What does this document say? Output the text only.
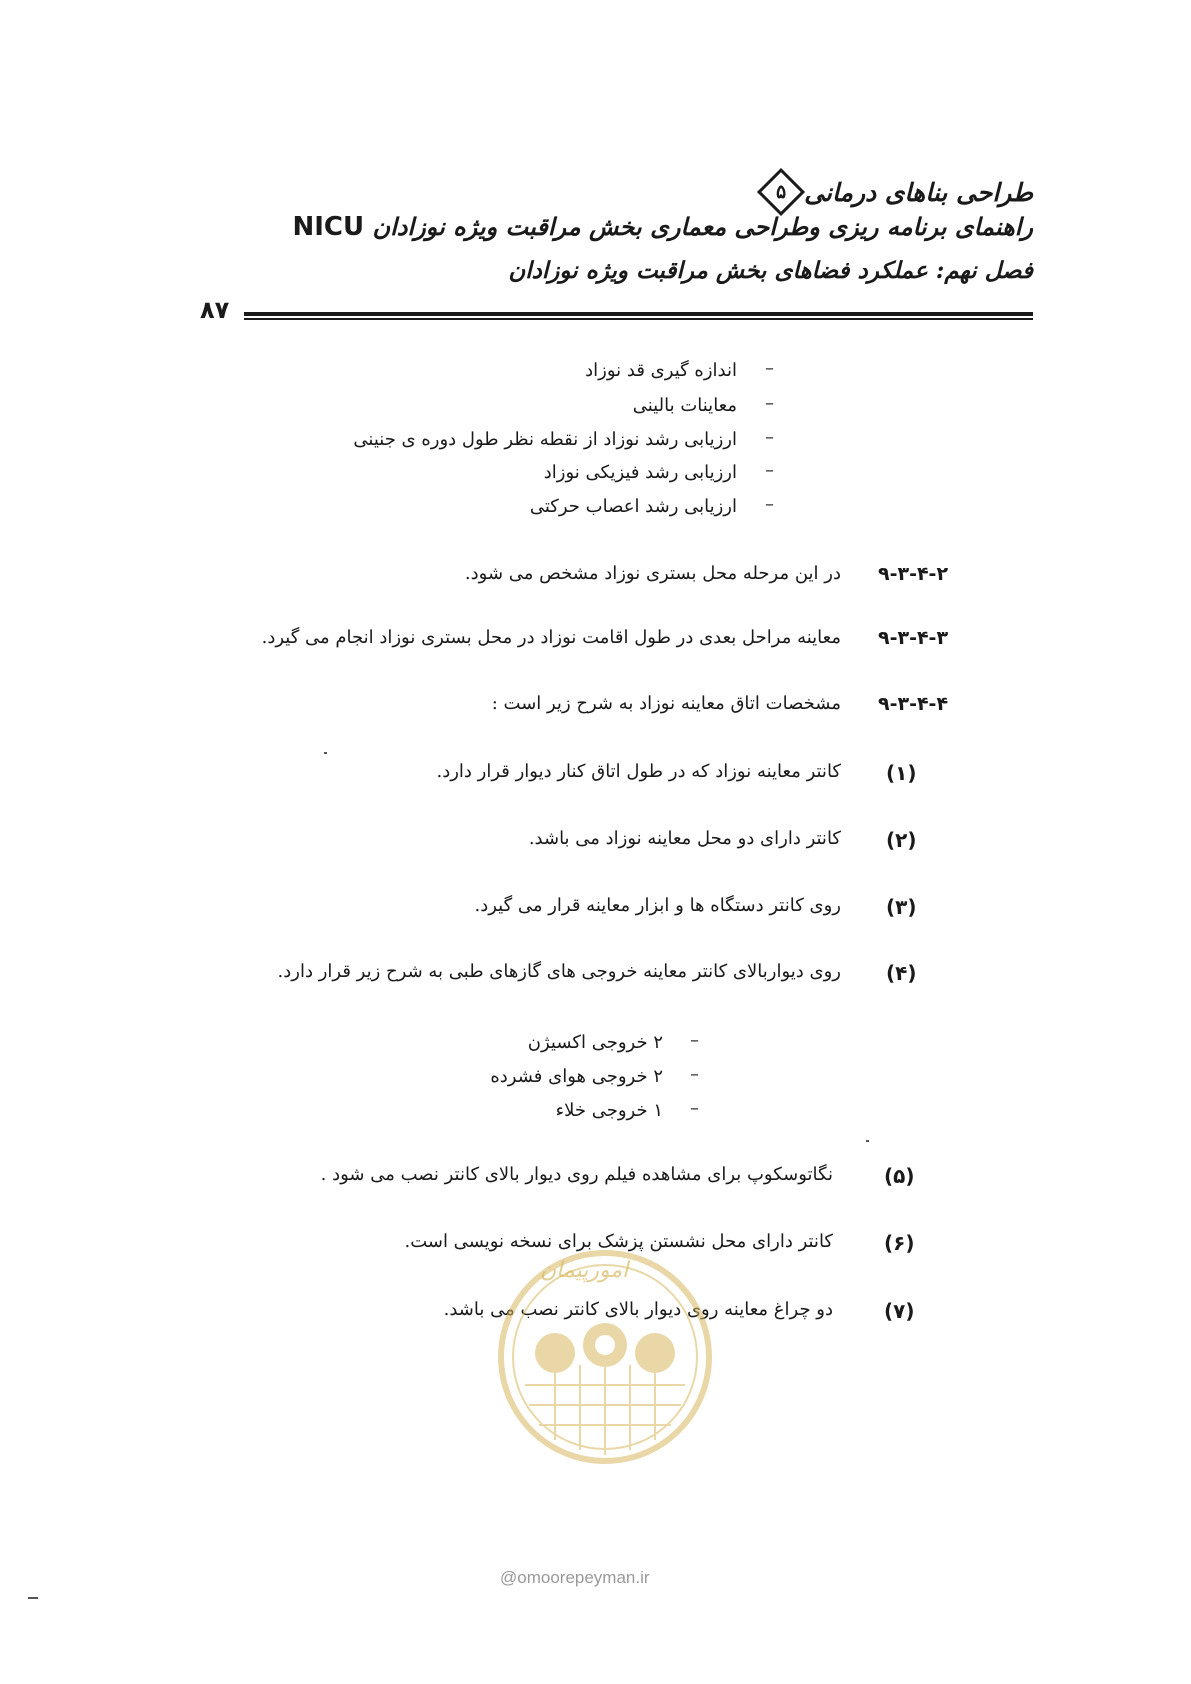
طراحی بناهای درمانی
۵
راهنمای برنامه ریزی وطراحی معماری بخش مراقبت ویژه نوزادان NICU
فصل نهم: عملکرد فضاهای بخش مراقبت ویژه نوزادان
۸۷
–
اندازه گیری قد نوزاد
–
معاینات بالینی
–
ارزیابی رشد نوزاد از نقطه نظر طول دوره ی جنینی
–
ارزیابی رشد فیزیکی نوزاد
–
ارزیابی رشد اعصاب حرکتی
۹-۳-۴-۲
در این مرحله محل بستری نوزاد مشخص می شود.
۹-۳-۴-۳
معاینه مراحل بعدی در طول اقامت نوزاد در محل بستری نوزاد انجام می گیرد.
۹-۳-۴-۴
مشخصات اتاق معاینه نوزاد به شرح زیر است :
(۱)
کانتر معاینه نوزاد که در طول اتاق کنار دیوار قرار دارد.
(۲)
کانتر دارای دو محل معاینه نوزاد می باشد.
(۳)
روی کانتر دستگاه ها و ابزار معاینه قرار می گیرد.
(۴)
روی دیواربالای کانتر معاینه خروجی های گازهای طبی به شرح زیر قرار دارد.
–
۲ خروجی اکسیژن
–
۲ خروجی هوای فشرده
–
۱ خروجی خلاء
(۵)
نگاتوسکوپ برای مشاهده فیلم روی دیوار بالای کانتر نصب می شود .
(۶)
کانتر دارای محل نشستن پزشک برای نسخه نویسی است.
(۷)
دو چراغ معاینه روی دیوار بالای کانتر نصب می باشد.
امورپیمان
@omoorepeyman.ir
